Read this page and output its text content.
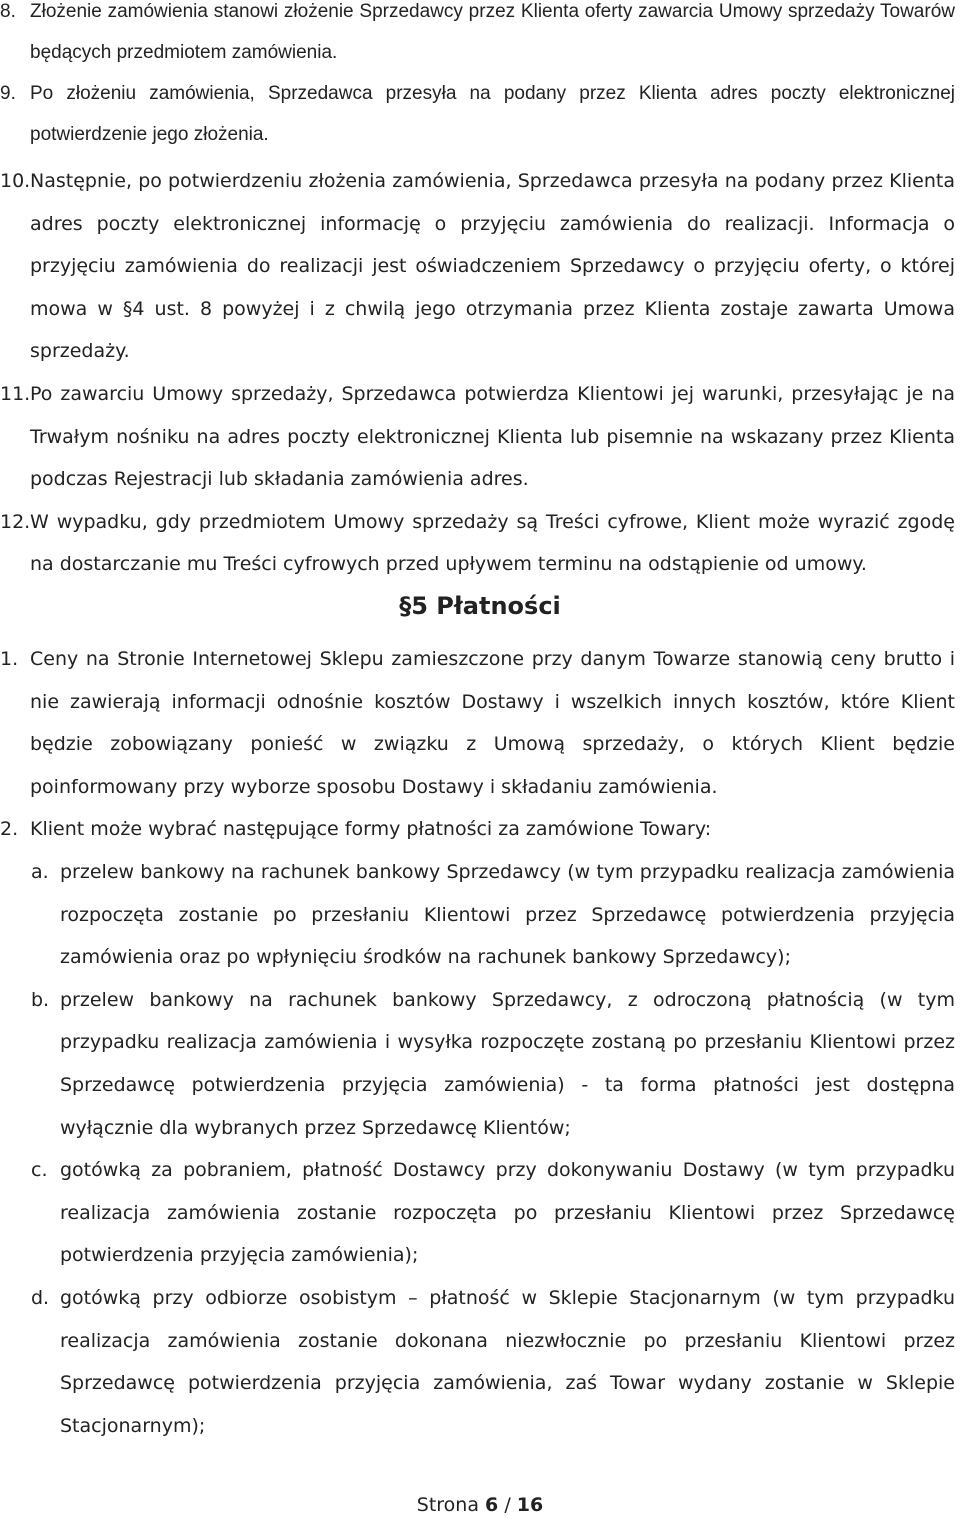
8. Złożenie zamówienia stanowi złożenie Sprzedawcy przez Klienta oferty zawarcia Umowy sprzedaży Towarów będących przedmiotem zamówienia.
9. Po złożeniu zamówienia, Sprzedawca przesyła na podany przez Klienta adres poczty elektronicznej potwierdzenie jego złożenia.
10. Następnie, po potwierdzeniu złożenia zamówienia, Sprzedawca przesyła na podany przez Klienta adres poczty elektronicznej informację o przyjęciu zamówienia do realizacji. Informacja o przyjęciu zamówienia do realizacji jest oświadczeniem Sprzedawcy o przyjęciu oferty, o której mowa w §4 ust. 8 powyżej i z chwilą jego otrzymania przez Klienta zostaje zawarta Umowa sprzedaży.
11. Po zawarciu Umowy sprzedaży, Sprzedawca potwierdza Klientowi jej warunki, przesyłając je na Trwałym nośniku na adres poczty elektronicznej Klienta lub pisemnie na wskazany przez Klienta podczas Rejestracji lub składania zamówienia adres.
12. W wypadku, gdy przedmiotem Umowy sprzedaży są Treści cyfrowe, Klient może wyrazić zgodę na dostarczanie mu Treści cyfrowych przed upływem terminu na odstąpienie od umowy.
§5 Płatności
1. Ceny na Stronie Internetowej Sklepu zamieszczone przy danym Towarze stanowią ceny brutto i nie zawierają informacji odnośnie kosztów Dostawy i wszelkich innych kosztów, które Klient będzie zobowiązany ponieść w związku z Umową sprzedaży, o których Klient będzie poinformowany przy wyborze sposobu Dostawy i składaniu zamówienia.
2. Klient może wybrać następujące formy płatności za zamówione Towary:
a. przelew bankowy na rachunek bankowy Sprzedawcy (w tym przypadku realizacja zamówienia rozpoczęta zostanie po przesłaniu Klientowi przez Sprzedawcę potwierdzenia przyjęcia zamówienia oraz po wpłynięciu środków na rachunek bankowy Sprzedawcy);
b. przelew bankowy na rachunek bankowy Sprzedawcy, z odroczoną płatnością (w tym przypadku realizacja zamówienia i wysyłka rozpoczęte zostaną po przesłaniu Klientowi przez Sprzedawcę potwierdzenia przyjęcia zamówienia) - ta forma płatności jest dostępna wyłącznie dla wybranych przez Sprzedawcę Klientów;
c. gotówką za pobraniem, płatność Dostawcy przy dokonywaniu Dostawy (w tym przypadku realizacja zamówienia zostanie rozpoczęta po przesłaniu Klientowi przez Sprzedawcę potwierdzenia przyjęcia zamówienia);
d. gotówką przy odbiorze osobistym – płatność w Sklepie Stacjonarnym (w tym przypadku realizacja zamówienia zostanie dokonana niezwłocznie po przesłaniu Klientowi przez Sprzedawcę potwierdzenia przyjęcia zamówienia, zaś Towar wydany zostanie w Sklepie Stacjonarnym);
Strona 6 / 16
